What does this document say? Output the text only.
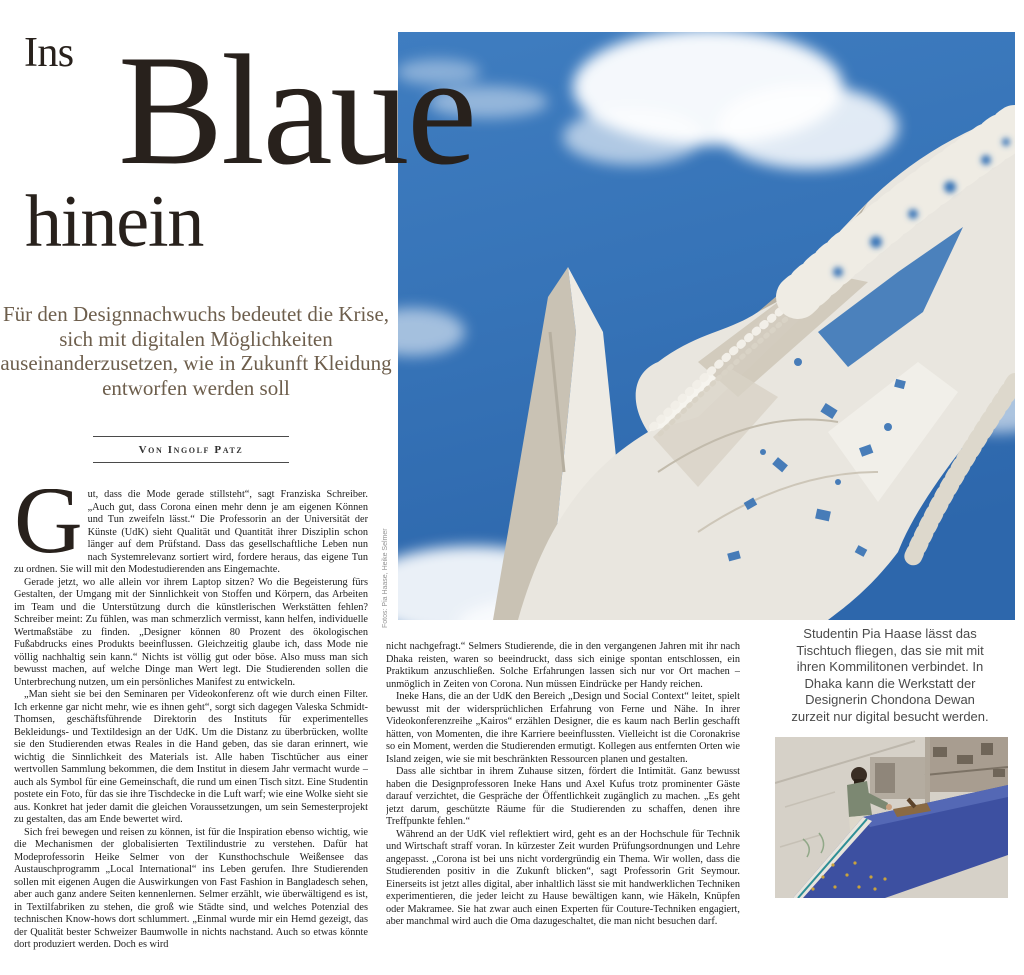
Ins Blaue
hinein
Für den Designnachwuchs bedeutet die Krise, sich mit digitalen Möglichkeiten auseinanderzusetzen, wie in Zukunft Kleidung entworfen werden soll
Von Ingolf Patz

Gut, dass die Mode gerade stillsteht“, sagt Franziska Schreiber. „Auch gut, dass Corona einen mehr denn je am eigenen Können und Tun zweifeln lässt.“ Die Professorin an der Universität der Künste (UdK) sieht Qualität und Quantität ihrer Disziplin schon länger auf dem Prüfstand. Dass das gesellschaftliche Leben nun nach Systemrelevanz sortiert wird, fordere heraus, das eigene Tun zu ordnen. Sie will mit den Modestudierenden ans Eingemachte.

Gerade jetzt, wo alle allein vor ihrem Laptop sitzen? Wo die Begeisterung fürs Gestalten, der Umgang mit der Sinnlichkeit von Stoffen und Körpern, das Arbeiten im Team und die Unterstützung durch die künstlerischen Werkstätten fehlen? Schreiber meint: Zu fühlen, was man schmerzlich vermisst, kann helfen, individuelle Wertmaßstäbe zu finden. „Designer können 80 Prozent des ökologischen Fußabdrucks eines Produkts beeinflussen. Gleichzeitig glaube ich, dass Mode nie völlig nachhaltig sein kann.“ Nichts ist völlig gut oder böse. Also muss man sich bewusst machen, auf welche Dinge man Wert legt. Die Studierenden sollen die Unterbrechung nutzen, um ein persönliches Manifest zu entwickeln.

„Man sieht sie bei den Seminaren per Videokonferenz oft wie durch einen Filter. Ich erkenne gar nicht mehr, wie es ihnen geht“, sorgt sich dagegen Valeska Schmidt-Thomsen, geschäftsführende Direktorin des Instituts für experimentelles Bekleidungs- und Textildesign an der UdK. Um die Distanz zu überbrücken, wollte sie den Studierenden etwas Reales in die Hand geben, das sie daran erinnert, wie wichtig die Sinnlichkeit des Materials ist. Alle haben Tischtücher aus einer wertvollen Sammlung bekommen, die dem Institut in diesem Jahr vermacht wurde – auch als Symbol für eine Gemeinschaft, die rund um einen Tisch sitzt. Eine Studentin postete ein Foto, für das sie ihre Tischdecke in die Luft warf; wie eine Wolke sieht sie aus. Konkret hat jeder damit die gleichen Voraussetzungen, um sein Semesterprojekt zu gestalten, das am Ende bewertet wird.

Sich frei bewegen und reisen zu können, ist für die Inspiration ebenso wichtig, wie die Mechanismen der globalisierten Textilindustrie zu verstehen. Dafür hat Modeprofessorin Heike Selmer von der Kunsthochschule Weißensee das Austauschprogramm „Local International“ ins Leben gerufen. Ihre Studierenden sollen mit eigenen Augen die Auswirkungen von Fast Fashion in Bangladesch sehen, aber auch ganz andere Seiten kennenlernen. Selmer erzählt, wie überwältigend es ist, in Textilfabriken zu stehen, die groß wie Städte sind, und welches Potenzial des technischen Know-hows dort schlummert. „Einmal wurde mir ein Hemd gezeigt, das der Qualität bester Schweizer Baumwolle in nichts nachstand. Auch so etwas könnte dort produziert werden. Doch es wird

nicht nachgefragt.“ Selmers Studierende, die in den vergangenen Jahren mit ihr nach Dhaka reisten, waren so beeindruckt, dass sich einige spontan entschlossen, ein Praktikum anzuschließen. Solche Erfahrungen lassen sich nur vor Ort machen – unmöglich in Zeiten von Corona. Nun müssen Eindrücke per Handy reichen.

Ineke Hans, die an der UdK den Bereich „Design und Social Context“ leitet, spielt bewusst mit der widersprüchlichen Erfahrung von Ferne und Nähe. In ihrer Videokonferenzreihe „Kairos“ erzählen Designer, die es kaum nach Berlin geschafft hätten, von Momenten, die ihre Karriere beeinflussten. Vielleicht ist die Coronakrise so ein Moment, werden die Studierenden ermutigt. Kollegen aus entfernten Orten wie Island zeigen, wie sie mit beschränkten Ressourcen planen und gestalten.

Dass alle sichtbar in ihrem Zuhause sitzen, fördert die Intimität. Ganz bewusst haben die Designprofessoren Ineke Hans und Axel Kufus trotz prominenter Gäste darauf verzichtet, die Gespräche der Öffentlichkeit zugänglich zu machen. „Es geht jetzt darum, geschützte Räume für die Studierenden zu schaffen, denen ihre Treffpunkte fehlen.“

Während an der UdK viel reflektiert wird, geht es an der Hochschule für Technik und Wirtschaft straff voran. In kürzester Zeit wurden Prüfungsordnungen und Lehre angepasst. „Corona ist bei uns nicht vordergründig ein Thema. Wir wollen, dass die Studierenden positiv in die Zukunft blicken“, sagt Professorin Grit Seymour. Einerseits ist jetzt alles digital, aber inhaltlich lässt sie mit handwerklichen Techniken experimentieren, die jeder leicht zu Hause bewältigen kann, wie Häkeln, Knüpfen oder Makramee. Sie hat zwar auch einen Experten für Couture-Techniken engagiert, aber manchmal wird auch die Oma dazugeschaltet, die man nicht besuchen darf.

Fotos: Pia Haase, Heike Selmer
Studentin Pia Haase lässt das Tischtuch fliegen, das sie mit mit ihren Kommilitonen verbindet. In Dhaka kann die Werkstatt der Designerin Chondona Dewan zurzeit nur digital besucht werden.
